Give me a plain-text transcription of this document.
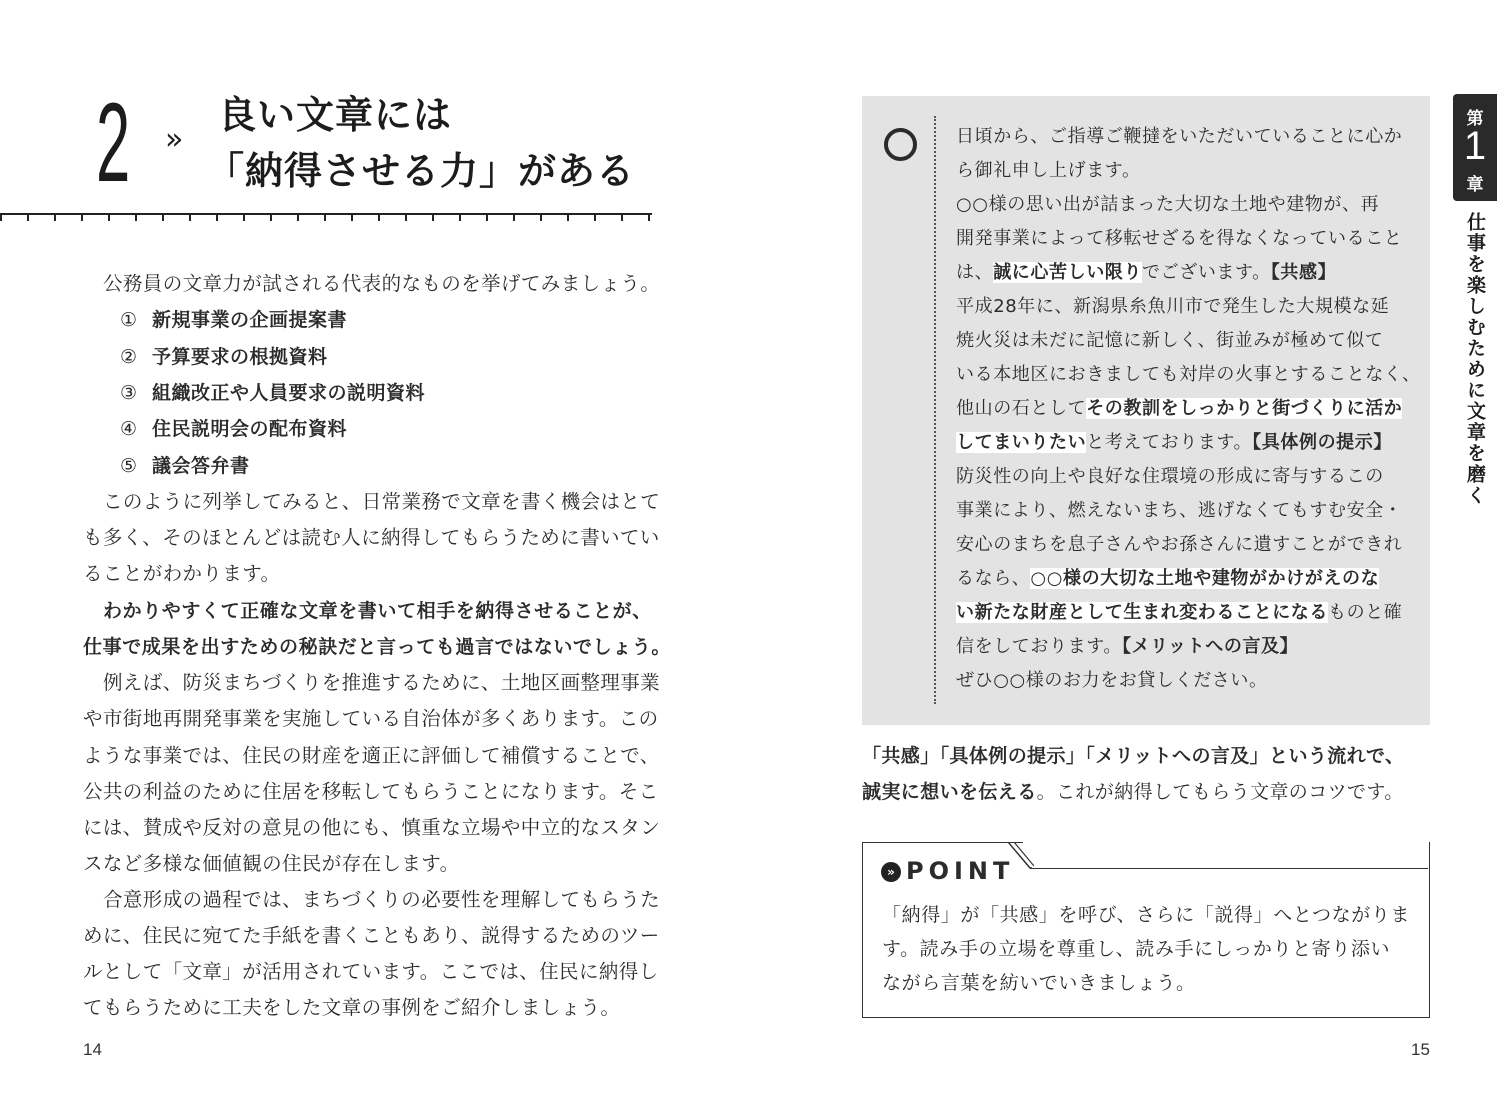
2 »
良い文章には
「納得させる力」がある
公務員の文章力が試される代表的なものを挙げてみましょう。
① 新規事業の企画提案書
② 予算要求の根拠資料
③ 組織改正や人員要求の説明資料
④ 住民説明会の配布資料
⑤ 議会答弁書
このように列挙してみると、日常業務で文章を書く機会はとて
も多く、そのほとんどは読む人に納得してもらうために書いてい
ることがわかります。
わかりやすくて正確な文章を書いて相手を納得させることが、
仕事で成果を出すための秘訣だと言っても過言ではないでしょう。
例えば、防災まちづくりを推進するために、土地区画整理事業
や市街地再開発事業を実施している自治体が多くあります。この
ような事業では、住民の財産を適正に評価して補償することで、
公共の利益のために住居を移転してもらうことになります。そこ
には、賛成や反対の意見の他にも、慎重な立場や中立的なスタン
スなど多様な価値観の住民が存在します。
合意形成の過程では、まちづくりの必要性を理解してもらうた
めに、住民に宛てた手紙を書くこともあり、説得するためのツー
ルとして「文章」が活用されています。ここでは、住民に納得し
てもらうために工夫をした文章の事例をご紹介しましょう。
14
日頃から、ご指導ご鞭撻をいただいていることに心か
ら御礼申し上げます。
○○様の思い出が詰まった大切な土地や建物が、再
開発事業によって移転せざるを得なくなっていること
は、誠に心苦しい限りでございます。【共感】
平成28年に、新潟県糸魚川市で発生した大規模な延
焼火災は未だに記憶に新しく、街並みが極めて似て
いる本地区におきましても対岸の火事とすることなく、
他山の石としてその教訓をしっかりと街づくりに活か
してまいりたいと考えております。【具体例の提示】
防災性の向上や良好な住環境の形成に寄与するこの
事業により、燃えないまち、逃げなくてもすむ安全・
安心のまちを息子さんやお孫さんに遺すことができれ
るなら、○○様の大切な土地や建物がかけがえのな
い新たな財産として生まれ変わることになるものと確
信をしております。【メリットへの言及】
ぜひ○○様のお力をお貸しください。
「共感」「具体例の提示」「メリットへの言及」という流れで、
誠実に想いを伝える。これが納得してもらう文章のコツです。
» POINT
「納得」が「共感」を呼び、さらに「説得」へとつながりま
す。読み手の立場を尊重し、読み手にしっかりと寄り添い
ながら言葉を紡いでいきましょう。
15
第
1
章
仕事を楽しむために文章を磨く
